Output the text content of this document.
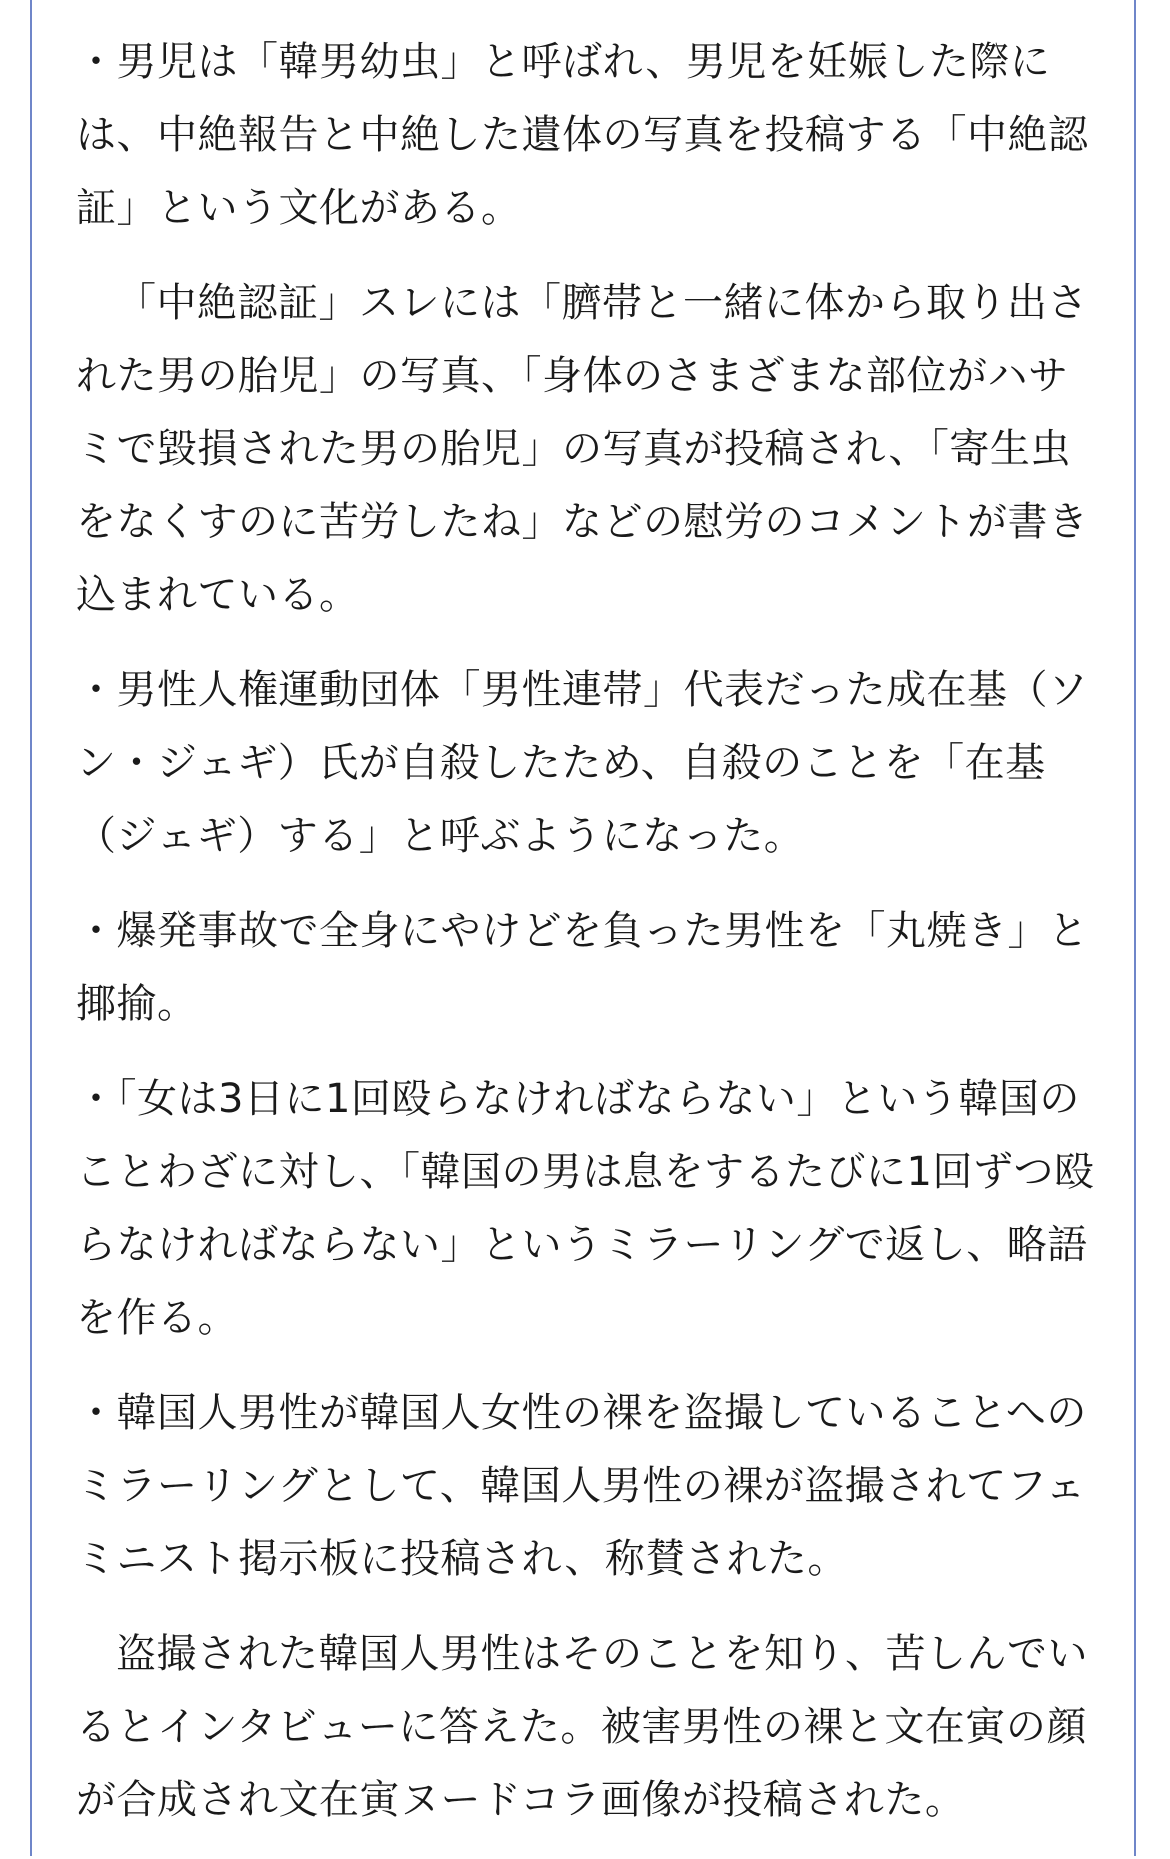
・男児は「韓男幼虫」と呼ばれ、男児を妊娠した際には、中絶報告と中絶した遺体の写真を投稿する「中絶認証」という文化がある。

「中絶認証」スレには「臍帯と一緒に体から取り出された男の胎児」の写真、「身体のさまざまな部位がハサミで毀損された男の胎児」の写真が投稿され、「寄生虫をなくすのに苦労したね」などの慰労のコメントが書き込まれている。

・男性人権運動団体「男性連帯」代表だった成在基（ソン・ジェギ）氏が自殺したため、自殺のことを「在基（ジェギ）する」と呼ぶようになった。

・爆発事故で全身にやけどを負った男性を「丸焼き」と揶揄。

・「女は3日に1回殴らなければならない」という韓国のことわざに対し、「韓国の男は息をするたびに1回ずつ殴らなければならない」というミラーリングで返し、略語を作る。

・韓国人男性が韓国人女性の裸を盗撮していることへのミラーリングとして、韓国人男性の裸が盗撮されてフェミニスト掲示板に投稿され、称賛された。

盗撮された韓国人男性はそのことを知り、苦しんでいるとインタビューに答えた。被害男性の裸と文在寅の顔が合成され文在寅ヌードコラ画像が投稿された。
